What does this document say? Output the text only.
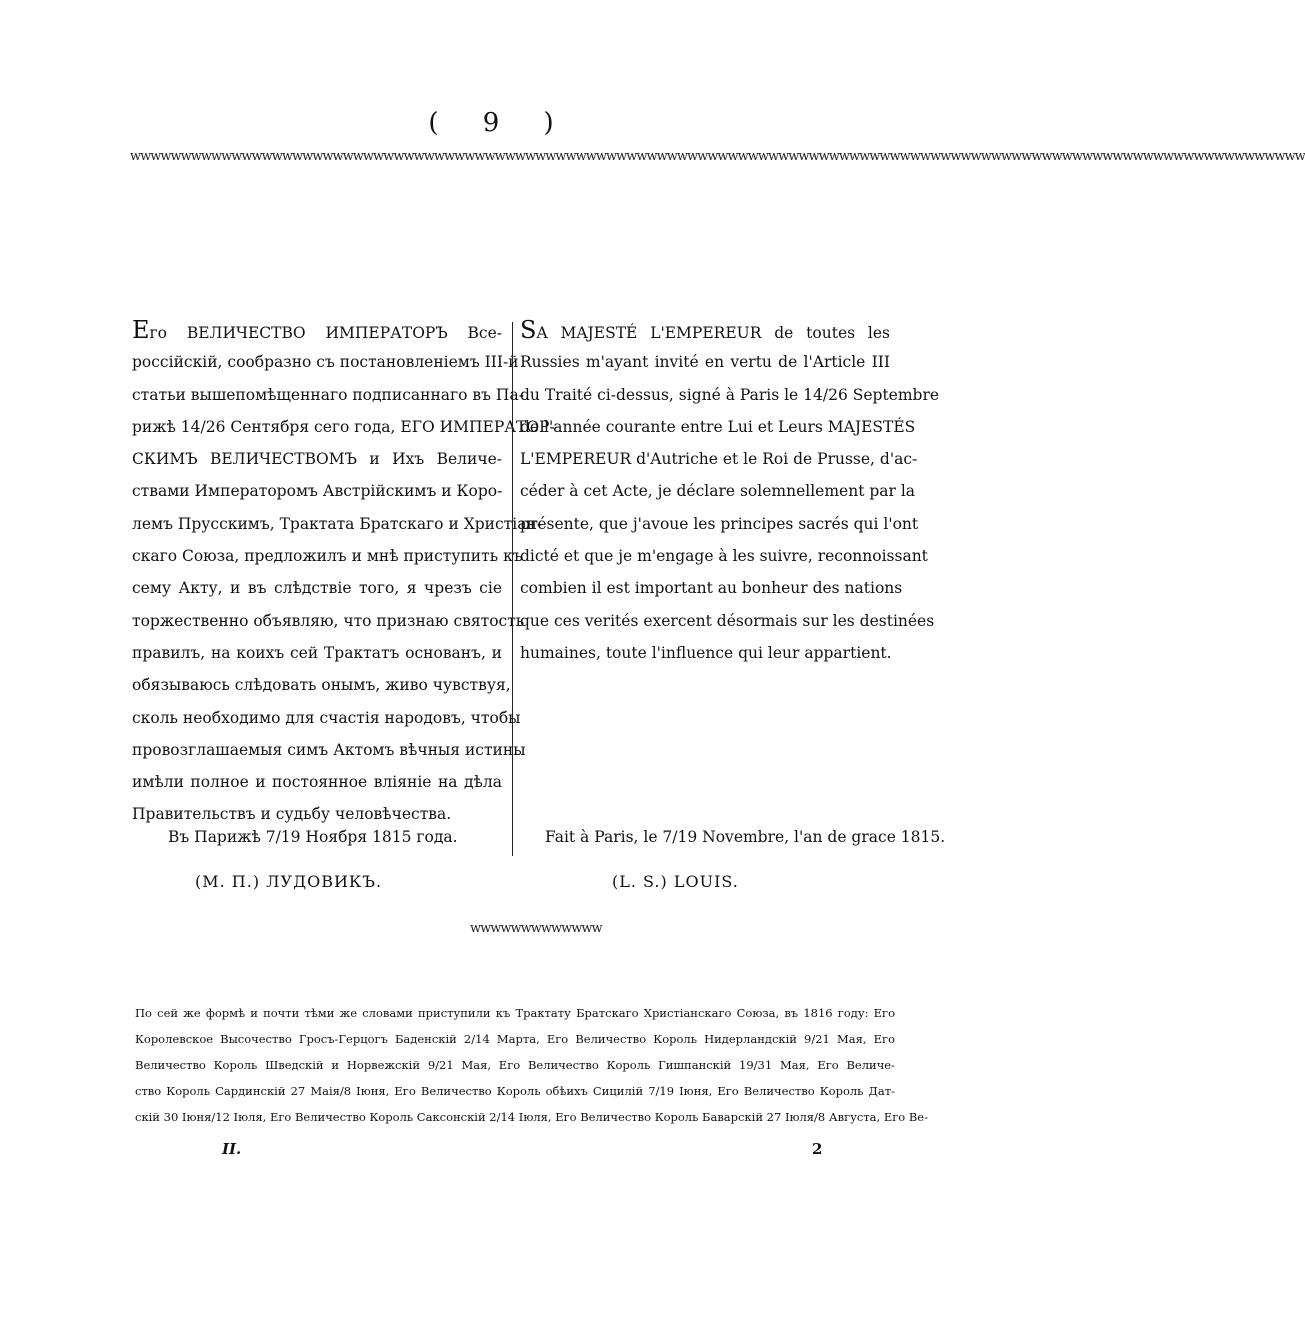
( 9 )
wwwwwwwwwwwwwwwwwwwwwwwwwwwwwwwwwwwwwwwwwwwwwwwwwwwwwwwwwwwwwwwwwwwwwwwwwwwwwwwwwwwwwwwwwwwwwwwwwwwwwwwwwwwwwwwwwwww

Его ВЕЛИЧЕСТВО ИМПЕРАТОРЪ Все-

россійскій, сообразно съ постановленіемъ III-й

статьи вышепомѣщеннаго подписаннаго въ Па-

рижѣ 14/26 Сентября сего года, ЕГО ИМПЕРАТОР-

СКИМЪ ВЕЛИЧЕСТВОМЪ и Ихъ Величе-

ствами Императоромъ Австрійскимъ и Коро-

лемъ Прусскимъ, Трактата Братскаго и Христіан-

скаго Союза, предложилъ и мнѣ приступить къ

сему Акту, и въ слѣдствіе того, я чрезъ сіе

торжественно объявляю, что признаю святость

правилъ, на коихъ сей Трактатъ основанъ, и

обязываюсь слѣдовать онымъ, живо чувствуя,

сколь необходимо для счастія народовъ, чтобы

провозглашаемыя симъ Актомъ вѣчныя истины

имѣли полное и постоянное вліяніе на дѣла

Правительствъ и судьбу человѣчества.

SA MAJESTÉ L'EMPEREUR de toutes les

Russies m'ayant invité en vertu de l'Article III

du Traité ci-dessus, signé à Paris le 14/26 Septembre

de l'année courante entre Lui et Leurs MAJESTÉS

L'EMPEREUR d'Autriche et le Roi de Prusse, d'ac-

céder à cet Acte, je déclare solemnellement par la

présente, que j'avoue les principes sacrés qui l'ont

dicté et que je m'engage à les suivre, reconnoissant

combien il est important au bonheur des nations

que ces verités exercent désormais sur les destinées

humaines, toute l'influence qui leur appartient.

Въ Парижѣ 7/19 Ноября 1815 года.	Fait à Paris, le 7/19 Novembre, l'an de grace 1815.
(М. П.) ЛУДОВИКЪ.	(L. S.) LOUIS.
wwwwwwwwwwwww

По сей же формѣ и почти тѣми же словами приступили къ Трактату Братскаго Христіанскаго Союза, въ 1816 году: Его

Королевское Высочество Гросъ-Герцогъ Баденскій 2/14 Марта, Его Величество Король Нидерландскій 9/21 Мая, Его

Величество Король Шведскій и Норвежскій 9/21 Мая, Его Величество Король Гишпанскій 19/31 Мая, Его Величе-

ство Король Сардинскій 27 Маія/8 Іюня, Его Величество Король обѣихъ Сицилій 7/19 Іюня, Его Величество Король Дат-

скій 30 Іюня/12 Іюля, Его Величество Король Саксонскій 2/14 Іюля, Его Величество Король Баварскій 27 Іюля/8 Августа, Его Ве-

II.	2
